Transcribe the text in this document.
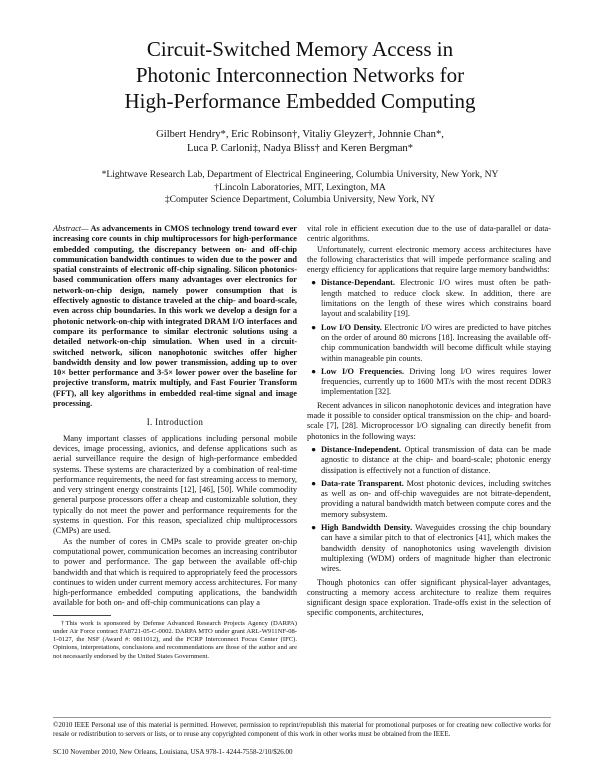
Circuit-Switched Memory Access in
Photonic Interconnection Networks for
High-Performance Embedded Computing
Gilbert Hendry*, Eric Robinson†, Vitaliy Gleyzer†, Johnnie Chan*,
Luca P. Carloni‡, Nadya Bliss† and Keren Bergman*
*Lightwave Research Lab, Department of Electrical Engineering, Columbia University, New York, NY
†Lincoln Laboratories, MIT, Lexington, MA
‡Computer Science Department, Columbia University, New York, NY
Abstract— As advancements in CMOS technology trend toward ever increasing core counts in chip multiprocessors for high-performance embedded computing, the discrepancy between on- and off-chip communication bandwidth continues to widen due to the power and spatial constraints of electronic off-chip signaling. Silicon photonics-based communication offers many advantages over electronics for network-on-chip design, namely power consumption that is effectively agnostic to distance traveled at the chip- and board-scale, even across chip boundaries. In this work we develop a design for a photonic network-on-chip with integrated DRAM I/O interfaces and compare its performance to similar electronic solutions using a detailed network-on-chip simulation. When used in a circuit-switched network, silicon nanophotonic switches offer higher bandwidth density and low power transmission, adding up to over 10× better performance and 3-5× lower power over the baseline for projective transform, matrix multiply, and Fast Fourier Transform (FFT), all key algorithms in embedded real-time signal and image processing.
I. Introduction

Many important classes of applications including personal mobile devices, image processing, avionics, and defense applications such as aerial surveillance require the design of high-performance embedded systems. These systems are characterized by a combination of real-time performance requirements, the need for fast streaming access to memory, and very stringent energy constraints [12], [46], [50]. While commodity general purpose processors offer a cheap and customizable solution, they typically do not meet the power and performance requirements for the systems in question. For this reason, specialized chip multiprocessors (CMPs) are used.

As the number of cores in CMPs scale to provide greater on-chip computational power, communication becomes an increasing contributor to power and performance. The gap between the available off-chip bandwidth and that which is required to appropriately feed the processors continues to widen under current memory access architectures. For many high-performance embedded computing applications, the bandwidth available for both on- and off-chip communications can play a

†This work is sponsored by Defense Advanced Research Projects Agency (DARPA) under Air Force contract FA8721-05-C-0002. DARPA MTO under grant ARL-W911NF-08-1-0127, the NSF (Award #: 0811012), and the FCRP Interconnect Focus Center (IFC). Opinions, interpretations, conclusions and recommendations are those of the author and are not necessarily endorsed by the United States Government.

vital role in efficient execution due to the use of data-parallel or data-centric algorithms.

Unfortunately, current electronic memory access architectures have the following characteristics that will impede performance scaling and energy efficiency for applications that require large memory bandwidths:

● Distance-Dependant. Electronic I/O wires must often be path-length matched to reduce clock skew. In addition, there are limitations on the length of these wires which constrains board layout and scalability [19].
● Low I/O Density. Electronic I/O wires are predicted to have pitches on the order of around 80 microns [18]. Increasing the available off-chip communication bandwidth will become difficult while staying within manageable pin counts.
● Low I/O Frequencies. Driving long I/O wires requires lower frequencies, currently up to 1600 MT/s with the most recent DDR3 implementation [32].

Recent advances in silicon nanophotonic devices and integration have made it possible to consider optical transmission on the chip- and board-scale [7], [28]. Microprocessor I/O signaling can directly benefit from photonics in the following ways:

● Distance-Independent. Optical transmission of data can be made agnostic to distance at the chip- and board-scale; photonic energy dissipation is effectively not a function of distance.
● Data-rate Transparent. Most photonic devices, including switches as well as on- and off-chip waveguides are not bitrate-dependent, providing a natural bandwidth match between compute cores and the memory subsystem.
● High Bandwidth Density. Waveguides crossing the chip boundary can have a similar pitch to that of electronics [41], which makes the bandwidth density of nanophotonics using wavelength division multiplexing (WDM) orders of magnitude higher than electronic wires.

Though photonics can offer significant physical-layer advantages, constructing a memory access architecture to realize them requires significant design space exploration. Trade-offs exist in the selection of specific components, architectures,

©2010 IEEE Personal use of this material is permitted. However, permission to reprint/republish this material for promotional purposes or for creating new collective works for resale or redistribution to servers or lists, or to reuse any copyrighted component of this work in other works must be obtained from the IEEE.
SC10 November 2010, New Orleans, Louisiana, USA 978-1- 4244-7558-2/10/$26.00
